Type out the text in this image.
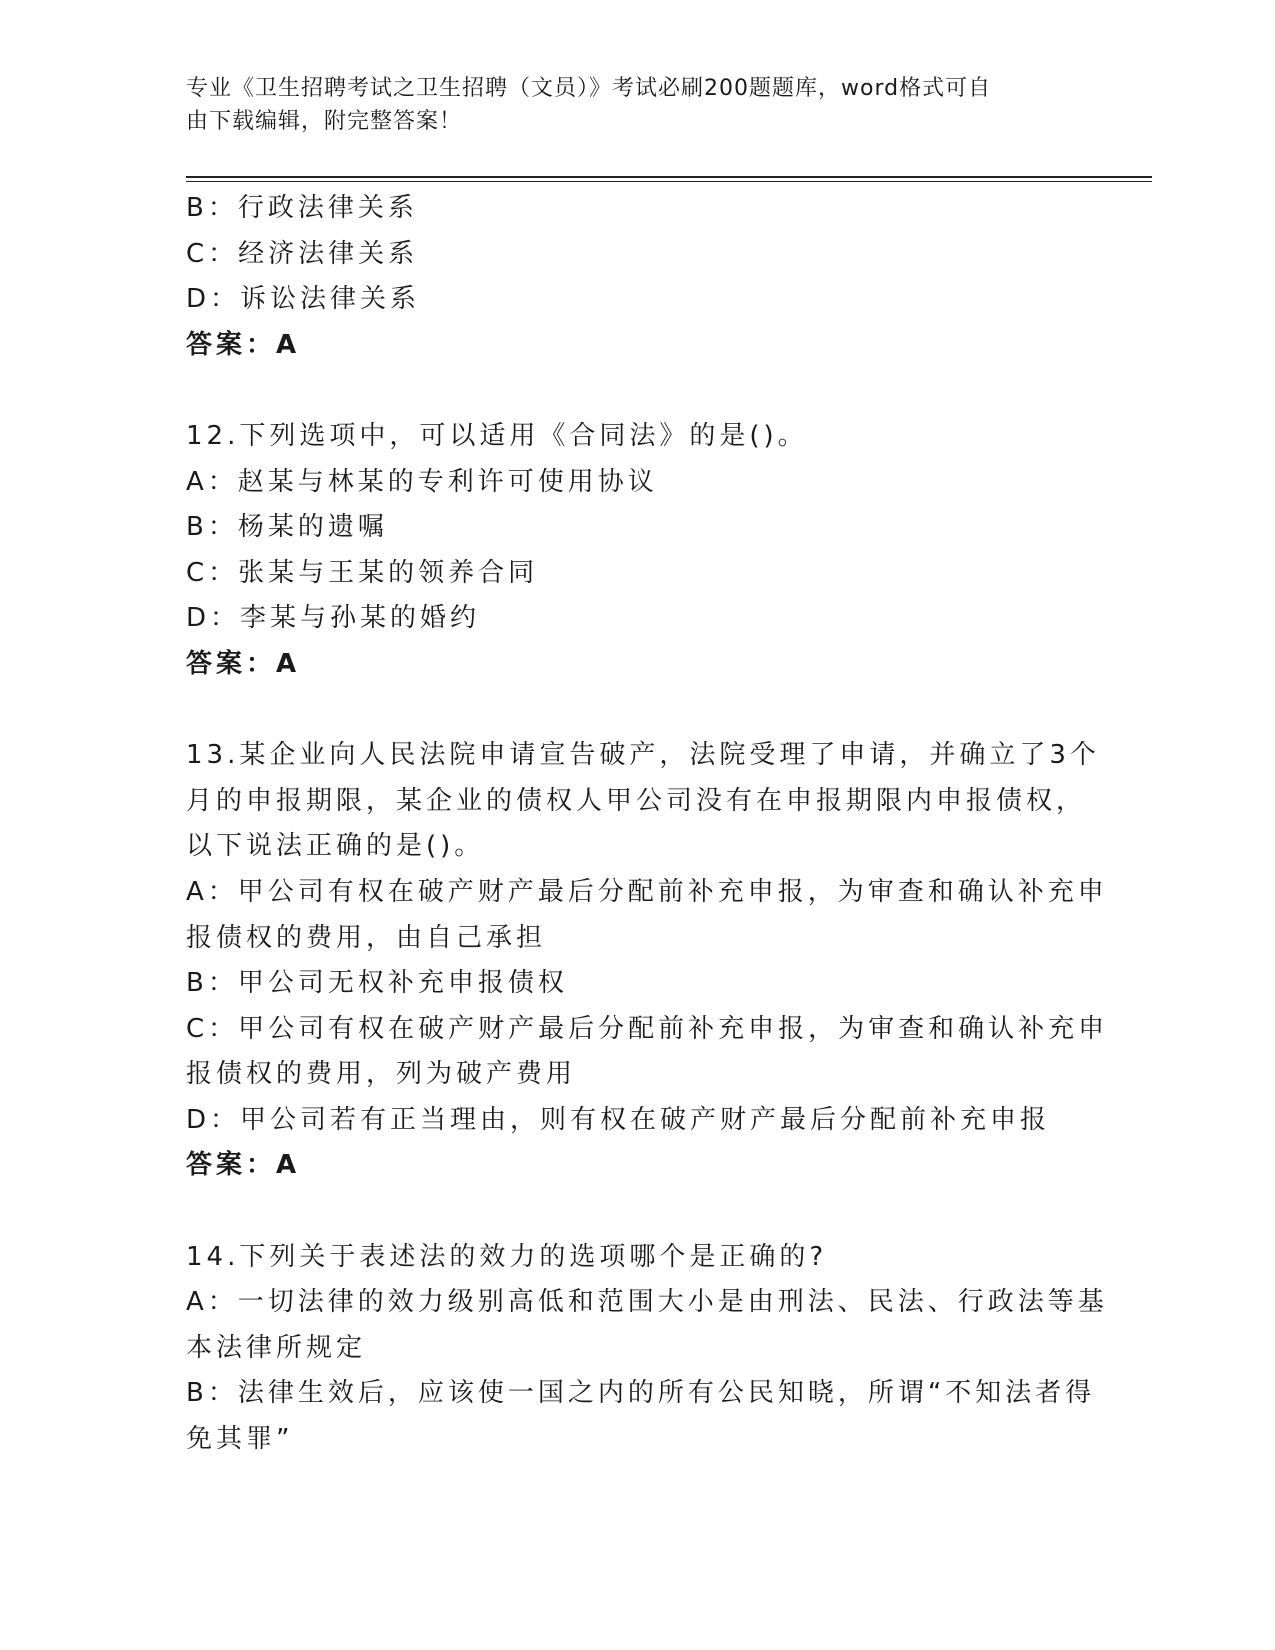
专业《卫生招聘考试之卫生招聘（文员）》考试必刷200题题库，word格式可自
由下载编辑，附完整答案！
B：行政法律关系
C：经济法律关系
D：诉讼法律关系
答案：A
12.下列选项中，可以适用《合同法》的是()。
A：赵某与林某的专利许可使用协议
B：杨某的遗嘱
C：张某与王某的领养合同
D：李某与孙某的婚约
答案：A
13.某企业向人民法院申请宣告破产，法院受理了申请，并确立了3个
月的申报期限，某企业的债权人甲公司没有在申报期限内申报债权，
以下说法正确的是()。
A：甲公司有权在破产财产最后分配前补充申报，为审查和确认补充申
报债权的费用，由自己承担
B：甲公司无权补充申报债权
C：甲公司有权在破产财产最后分配前补充申报，为审查和确认补充申
报债权的费用，列为破产费用
D：甲公司若有正当理由，则有权在破产财产最后分配前补充申报
答案：A
14.下列关于表述法的效力的选项哪个是正确的?
A：一切法律的效力级别高低和范围大小是由刑法、民法、行政法等基
本法律所规定
B：法律生效后，应该使一国之内的所有公民知晓，所谓“不知法者得
免其罪”
